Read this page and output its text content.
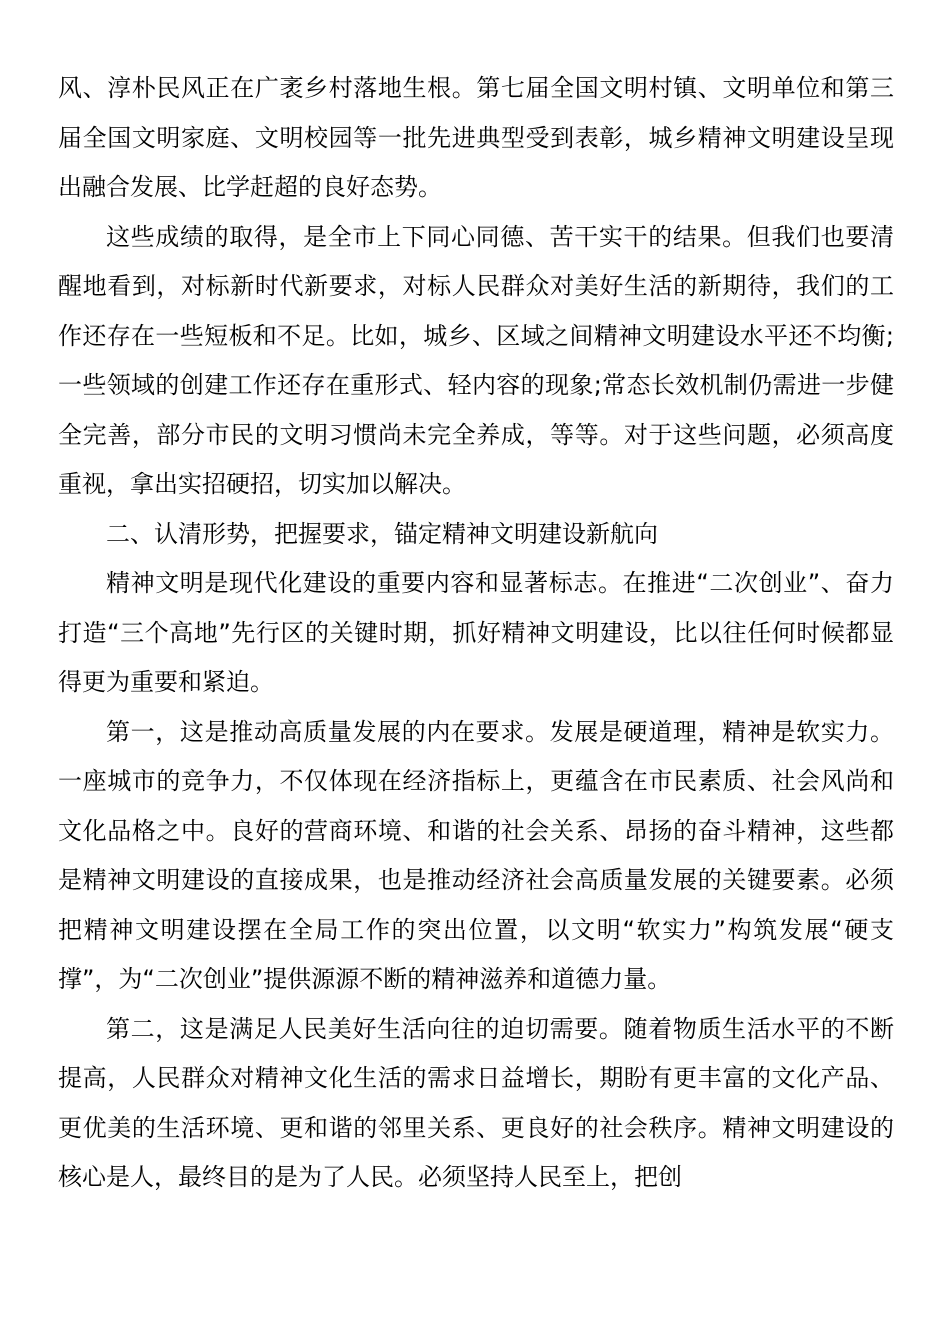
风、淳朴民风正在广袤乡村落地生根。第七届全国文明村镇、文明单位和第三届全国文明家庭、文明校园等一批先进典型受到表彰，城乡精神文明建设呈现出融合发展、比学赶超的良好态势。

这些成绩的取得，是全市上下同心同德、苦干实干的结果。但我们也要清醒地看到，对标新时代新要求，对标人民群众对美好生活的新期待，我们的工作还存在一些短板和不足。比如，城乡、区域之间精神文明建设水平还不均衡;一些领域的创建工作还存在重形式、轻内容的现象;常态长效机制仍需进一步健全完善，部分市民的文明习惯尚未完全养成，等等。对于这些问题，必须高度重视，拿出实招硬招，切实加以解决。

二、认清形势，把握要求，锚定精神文明建设新航向

精神文明是现代化建设的重要内容和显著标志。在推进“二次创业”、奋力打造“三个高地”先行区的关键时期，抓好精神文明建设，比以往任何时候都显得更为重要和紧迫。

第一，这是推动高质量发展的内在要求。发展是硬道理，精神是软实力。一座城市的竞争力，不仅体现在经济指标上，更蕴含在市民素质、社会风尚和文化品格之中。良好的营商环境、和谐的社会关系、昂扬的奋斗精神，这些都是精神文明建设的直接成果，也是推动经济社会高质量发展的关键要素。必须把精神文明建设摆在全局工作的突出位置，以文明“软实力”构筑发展“硬支撑”，为“二次创业”提供源源不断的精神滋养和道德力量。

第二，这是满足人民美好生活向往的迫切需要。随着物质生活水平的不断提高，人民群众对精神文化生活的需求日益增长，期盼有更丰富的文化产品、更优美的生活环境、更和谐的邻里关系、更良好的社会秩序。精神文明建设的核心是人，最终目的是为了人民。必须坚持人民至上，把创
